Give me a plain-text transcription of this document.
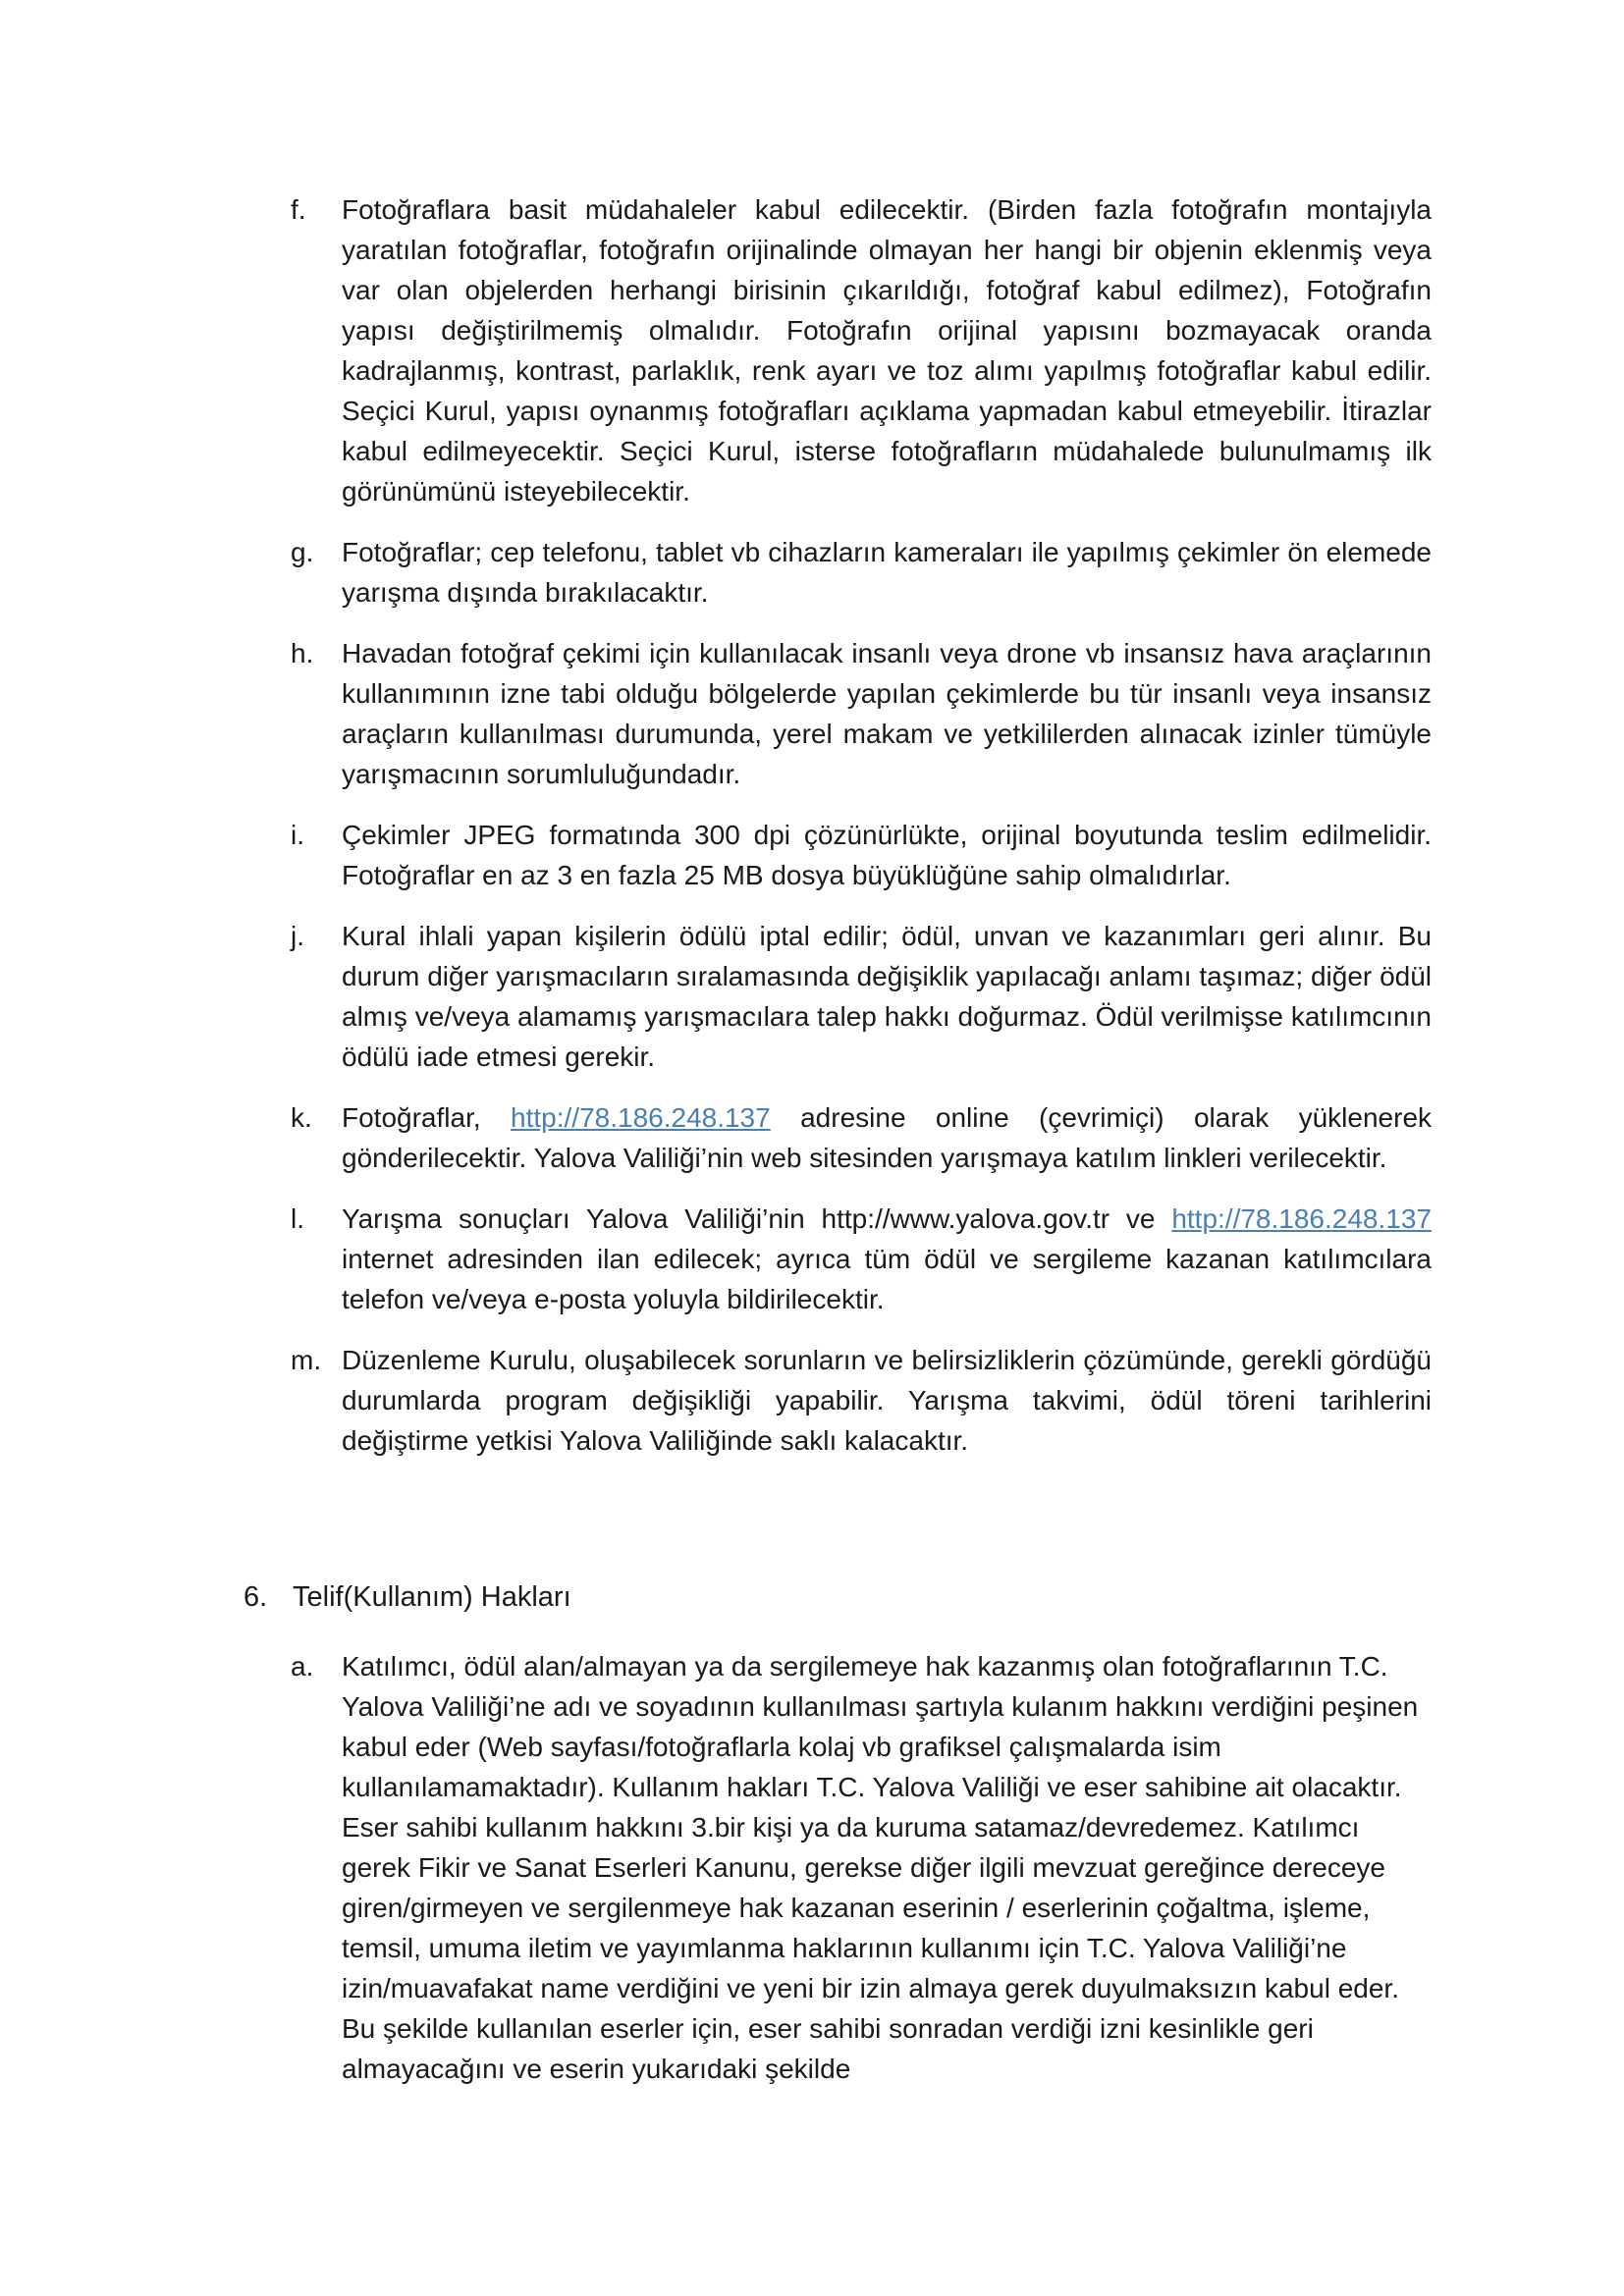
f. Fotoğraflara basit müdahaleler kabul edilecektir. (Birden fazla fotoğrafın montajıyla yaratılan fotoğraflar, fotoğrafın orijinalinde olmayan her hangi bir objenin eklenmiş veya var olan objelerden herhangi birisinin çıkarıldığı, fotoğraf kabul edilmez), Fotoğrafın yapısı değiştirilmemiş olmalıdır. Fotoğrafın orijinal yapısını bozmayacak oranda kadrajlanmış, kontrast, parlaklık, renk ayarı ve toz alımı yapılmış fotoğraflar kabul edilir. Seçici Kurul, yapısı oynanmış fotoğrafları açıklama yapmadan kabul etmeyebilir. İtirazlar kabul edilmeyecektir. Seçici Kurul, isterse fotoğrafların müdahalede bulunulmamış ilk görünümünü isteyebilecektir.
g. Fotoğraflar; cep telefonu, tablet vb cihazların kameraları ile yapılmış çekimler ön elemede yarışma dışında bırakılacaktır.
h. Havadan fotoğraf çekimi için kullanılacak insanlı veya drone vb insansız hava araçlarının kullanımının izne tabi olduğu bölgelerde yapılan çekimlerde bu tür insanlı veya insansız araçların kullanılması durumunda, yerel makam ve yetkililerden alınacak izinler tümüyle yarışmacının sorumluluğundadır.
i. Çekimler JPEG formatında 300 dpi çözünürlükte, orijinal boyutunda teslim edilmelidir. Fotoğraflar en az 3 en fazla 25 MB dosya büyüklüğüne sahip olmalıdırlar.
j. Kural ihlali yapan kişilerin ödülü iptal edilir; ödül, unvan ve kazanımları geri alınır. Bu durum diğer yarışmacıların sıralamasında değişiklik yapılacağı anlamı taşımaz; diğer ödül almış ve/veya alamamış yarışmacılara talep hakkı doğurmaz. Ödül verilmişse katılımcının ödülü iade etmesi gerekir.
k. Fotoğraflar, http://78.186.248.137 adresine online (çevrimiçi) olarak yüklenerek gönderilecektir. Yalova Valiliği’nin web sitesinden yarışmaya katılım linkleri verilecektir.
l. Yarışma sonuçları Yalova Valiliği’nin http://www.yalova.gov.tr ve http://78.186.248.137 internet adresinden ilan edilecek; ayrıca tüm ödül ve sergileme kazanan katılımcılara telefon ve/veya e-posta yoluyla bildirilecektir.
m. Düzenleme Kurulu, oluşabilecek sorunların ve belirsizliklerin çözümünde, gerekli gördüğü durumlarda program değişikliği yapabilir. Yarışma takvimi, ödül töreni tarihlerini değiştirme yetkisi Yalova Valiliğinde saklı kalacaktır.

6. Telif(Kullanım) Hakları

a. Katılımcı, ödül alan/almayan ya da sergilemeye hak kazanmış olan fotoğraflarının T.C. Yalova Valiliği’ne adı ve soyadının kullanılması şartıyla kulanım hakkını verdiğini peşinen kabul eder (Web sayfası/fotoğraflarla kolaj vb grafiksel çalışmalarda isim kullanılamamaktadır). Kullanım hakları T.C. Yalova Valiliği ve eser sahibine ait olacaktır. Eser sahibi kullanım hakkını 3.bir kişi ya da kuruma satamaz/devredemez. Katılımcı gerek Fikir ve Sanat Eserleri Kanunu, gerekse diğer ilgili mevzuat gereğince dereceye giren/girmeyen ve sergilenmeye hak kazanan eserinin / eserlerinin çoğaltma, işleme, temsil, umuma iletim ve yayımlanma haklarının kullanımı için T.C. Yalova Valiliği’ne izin/muavafakat name verdiğini ve yeni bir izin almaya gerek duyulmaksızın kabul eder. Bu şekilde kullanılan eserler için, eser sahibi sonradan verdiği izni kesinlikle geri almayacağını ve eserin yukarıdaki şekilde
